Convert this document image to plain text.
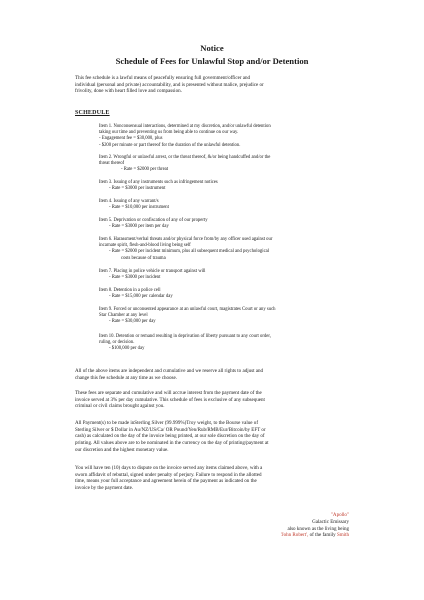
Notice
Schedule of Fees for Unlawful Stop and/or Detention
This fee schedule is a lawful means of peacefully ensuring full government/officer and
individual (personal and private) accountability, and is presented without malice, prejudice or
frivolity, done with heart filled love and compassion.
SCHEDULE
Item 1. Nonconsensual interactions, determined at my discretion, and/or unlawful detention
taking our time and preventing us from being able to continue on our way.
- Engagement fee = $30,000, plus
- $200 per minute or part thereof for the duration of the unlawful detention.
Item 2. Wrongful or unlawful arrest, or the threat thereof, &/or being handcuffed and/or the
threat thereof
- Rate = $2000 per threat
Item 3. Issuing of any instruments such as infringement notices
- Rate = $3000 per instrument
Item 4. Issuing of any warrant/s
- Rate = $10,000 per instrument
Item 5. Deprivation or confiscation of any of our property
- Rate = $3000 per item per day
Item 6. Harassment/verbal threats and/or physical force from/by any officer used against our
incarnate spirit, flesh-and-blood living being self
- Rate = $2000 per incident minimum, plus all subsequent medical and psychological
costs because of trauma
Item 7. Placing in police vehicle or transport against will
- Rate = $3000 per incident
Item 8. Detention in a police cell
- Rate = $15,000 per calendar day
Item 9. Forced or unconsented appearance at an unlawful court, magistrates Court or any such
Star Chamber at any level
- Rate = $30,000 per day
Item 10. Detention or remand resulting in deprivation of liberty pursuant to any court order,
ruling, or decision.
- $100,000 per day
All of the above items are independent and cumulative and we reserve all rights to adjust and
change this fee schedule at any time as we choose.
These fees are separate and cumulative and will accrue interest from the payment date of the
invoice served at 3% per day cumulative. This schedule of fees is exclusive of any subsequent
criminal or civil claims brought against you.
All Payment(s) to be made inSterling Silver (99.999%)Troy weight, to the Bourse value of
Sterling Silver or $ Dollar in Au/NZ/US/Ca/ OR Pound/Yen/Rub/RMB/Eur/Bitcoin/by EFT or
cash) as calculated on the day of the invoice being printed, at our sole discretion on the day of
printing. All values above are to be nominated in the currency on the day of printing/payment at
our discretion and the highest monetary value.
You will have ten (10) days to dispute on the invoice served any items claimed above, with a
sworn affidavit of rebuttal, signed under penalty of perjury. Failure to respond in the allotted
time, means your full acceptance and agreement herein of the payment as indicated on the
invoice by the payment date.
"Apollo"
Galactic Emissary
also known as the living being
'John Robert', of the family Smith
